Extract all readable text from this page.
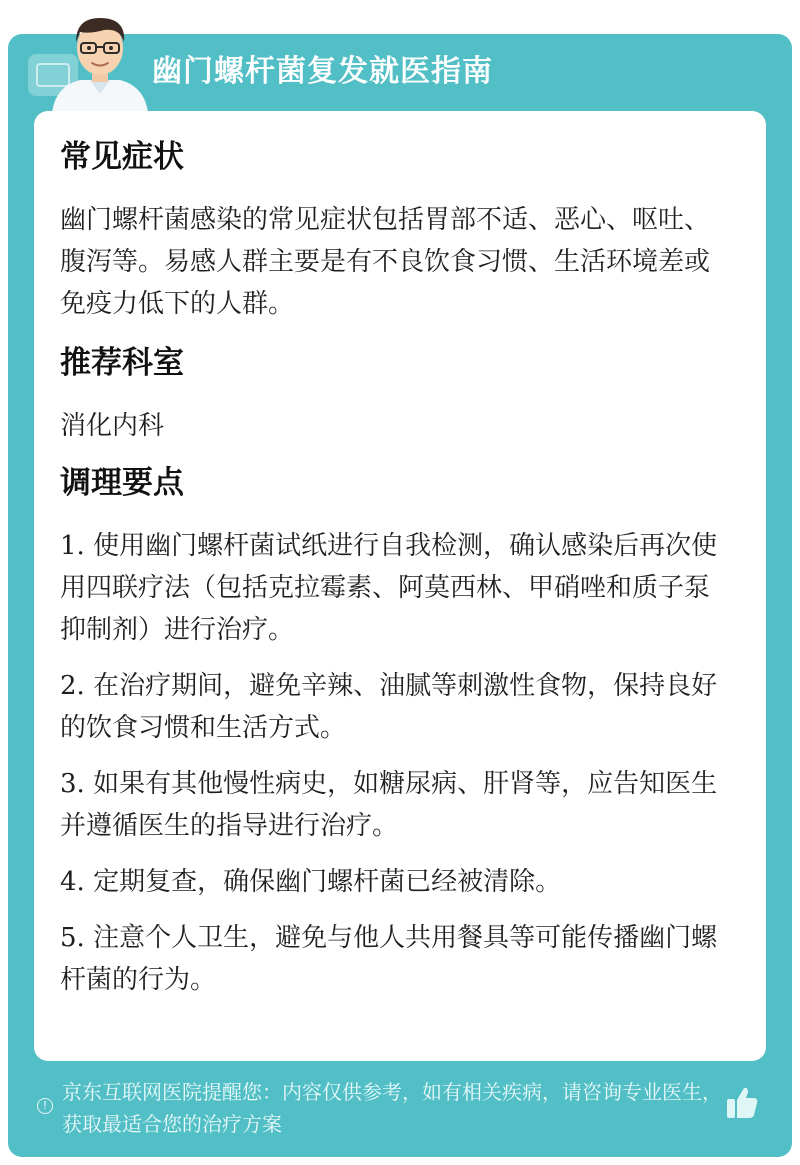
幽门螺杆菌复发就医指南
常见症状

幽门螺杆菌感染的常见症状包括胃部不适、恶心、呕吐、腹泻等。易感人群主要是有不良饮食习惯、生活环境差或免疫力低下的人群。

推荐科室

消化内科

调理要点

1. 使用幽门螺杆菌试纸进行自我检测，确认感染后再次使用四联疗法（包括克拉霉素、阿莫西林、甲硝唑和质子泵抑制剂）进行治疗。

2. 在治疗期间，避免辛辣、油腻等刺激性食物，保持良好的饮食习惯和生活方式。

3. 如果有其他慢性病史，如糖尿病、肝肾等，应告知医生并遵循医生的指导进行治疗。

4. 定期复查，确保幽门螺杆菌已经被清除。

5. 注意个人卫生，避免与他人共用餐具等可能传播幽门螺杆菌的行为。

!
京东互联网医院提醒您：内容仅供参考，如有相关疾病，请咨询专业医生，获取最适合您的治疗方案
